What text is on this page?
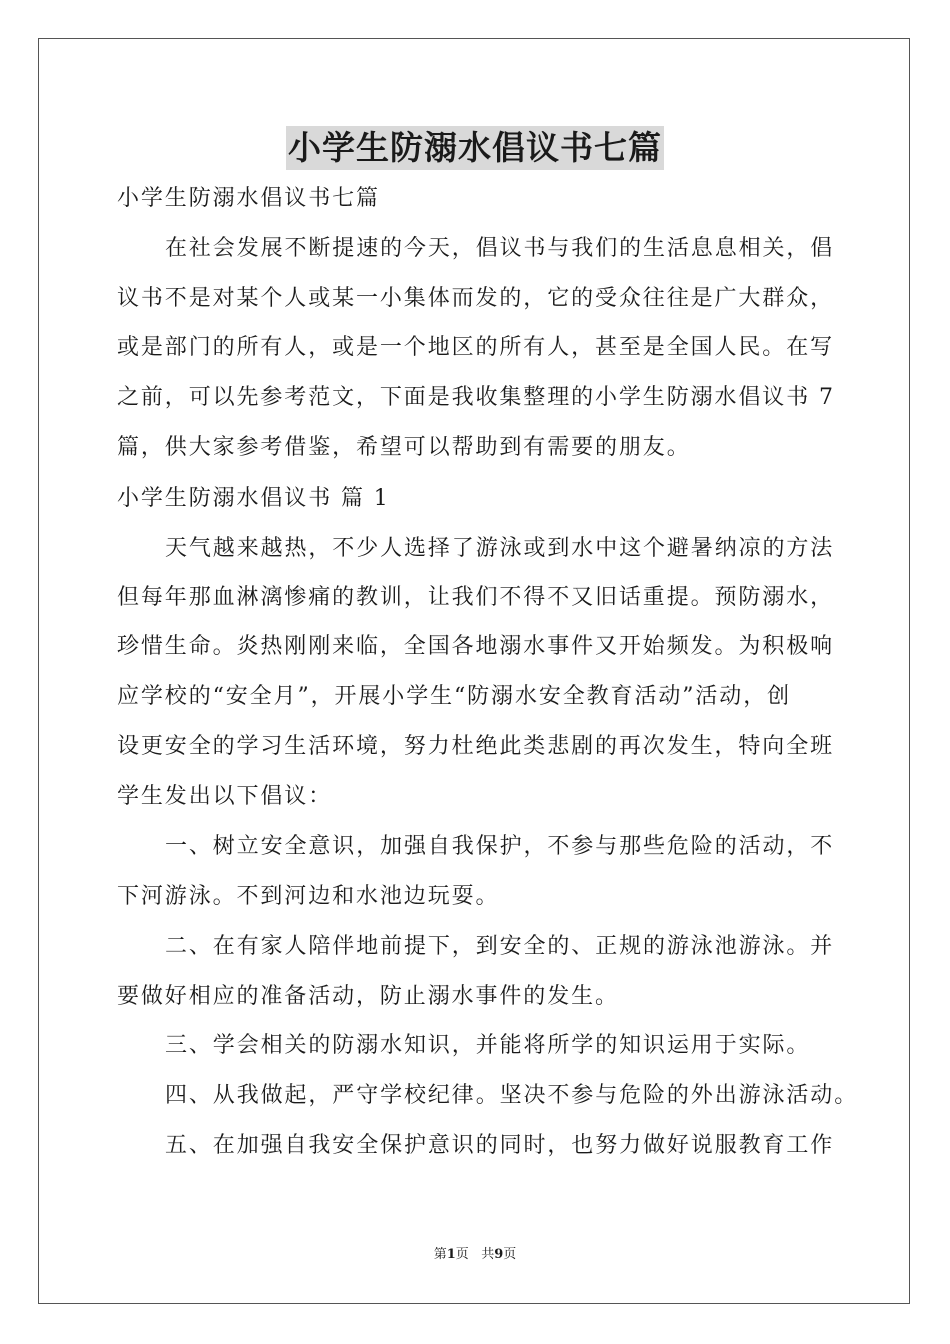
小学生防溺水倡议书七篇
小学生防溺水倡议书七篇
在社会发展不断提速的今天，倡议书与我们的生活息息相关，倡
议书不是对某个人或某一小集体而发的，它的受众往往是广大群众，
或是部门的所有人，或是一个地区的所有人，甚至是全国人民。在写
之前，可以先参考范文，下面是我收集整理的小学生防溺水倡议书 7
篇，供大家参考借鉴，希望可以帮助到有需要的朋友。
小学生防溺水倡议书 篇 1
天气越来越热，不少人选择了游泳或到水中这个避暑纳凉的方法
但每年那血淋漓惨痛的教训，让我们不得不又旧话重提。预防溺水，
珍惜生命。炎热刚刚来临，全国各地溺水事件又开始频发。为积极响
应学校的“安全月”，开展小学生“防溺水安全教育活动”活动，创
设更安全的学习生活环境，努力杜绝此类悲剧的再次发生，特向全班
学生发出以下倡议：
一、树立安全意识，加强自我保护，不参与那些危险的活动，不
下河游泳。不到河边和水池边玩耍。
二、在有家人陪伴地前提下，到安全的、正规的游泳池游泳。并
要做好相应的准备活动，防止溺水事件的发生。
三、学会相关的防溺水知识，并能将所学的知识运用于实际。
四、从我做起，严守学校纪律。坚决不参与危险的外出游泳活动。
五、在加强自我安全保护意识的同时，也努力做好说服教育工作
第1页   共9页
